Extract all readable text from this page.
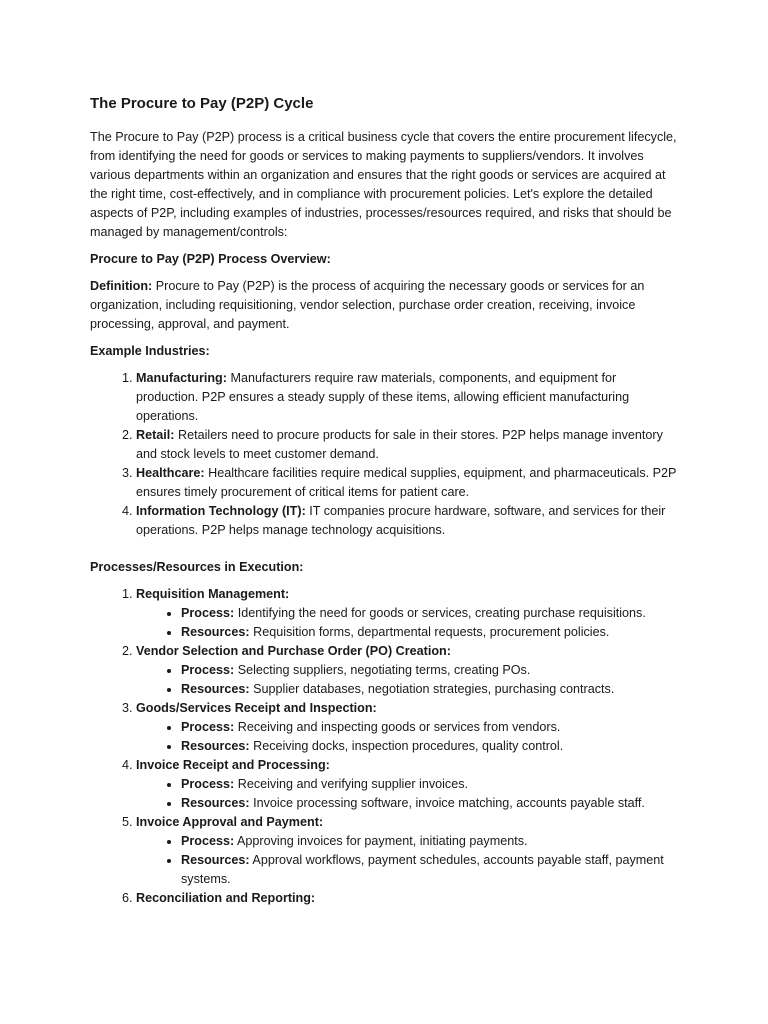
The Procure to Pay (P2P) Cycle

The Procure to Pay (P2P) process is a critical business cycle that covers the entire procurement lifecycle, from identifying the need for goods or services to making payments to suppliers/vendors. It involves various departments within an organization and ensures that the right goods or services are acquired at the right time, cost-effectively, and in compliance with procurement policies. Let's explore the detailed aspects of P2P, including examples of industries, processes/resources required, and risks that should be managed by management/controls:

Procure to Pay (P2P) Process Overview:

Definition: Procure to Pay (P2P) is the process of acquiring the necessary goods or services for an organization, including requisitioning, vendor selection, purchase order creation, receiving, invoice processing, approval, and payment.

Example Industries:

1. Manufacturing: Manufacturers require raw materials, components, and equipment for production. P2P ensures a steady supply of these items, allowing efficient manufacturing operations.
2. Retail: Retailers need to procure products for sale in their stores. P2P helps manage inventory and stock levels to meet customer demand.
3. Healthcare: Healthcare facilities require medical supplies, equipment, and pharmaceuticals. P2P ensures timely procurement of critical items for patient care.
4. Information Technology (IT): IT companies procure hardware, software, and services for their operations. P2P helps manage technology acquisitions.

Processes/Resources in Execution:

1. Requisition Management:
• Process: Identifying the need for goods or services, creating purchase requisitions.
• Resources: Requisition forms, departmental requests, procurement policies.
2. Vendor Selection and Purchase Order (PO) Creation:
• Process: Selecting suppliers, negotiating terms, creating POs.
• Resources: Supplier databases, negotiation strategies, purchasing contracts.
3. Goods/Services Receipt and Inspection:
• Process: Receiving and inspecting goods or services from vendors.
• Resources: Receiving docks, inspection procedures, quality control.
4. Invoice Receipt and Processing:
• Process: Receiving and verifying supplier invoices.
• Resources: Invoice processing software, invoice matching, accounts payable staff.
5. Invoice Approval and Payment:
• Process: Approving invoices for payment, initiating payments.
• Resources: Approval workflows, payment schedules, accounts payable staff, payment systems.
6. Reconciliation and Reporting:
